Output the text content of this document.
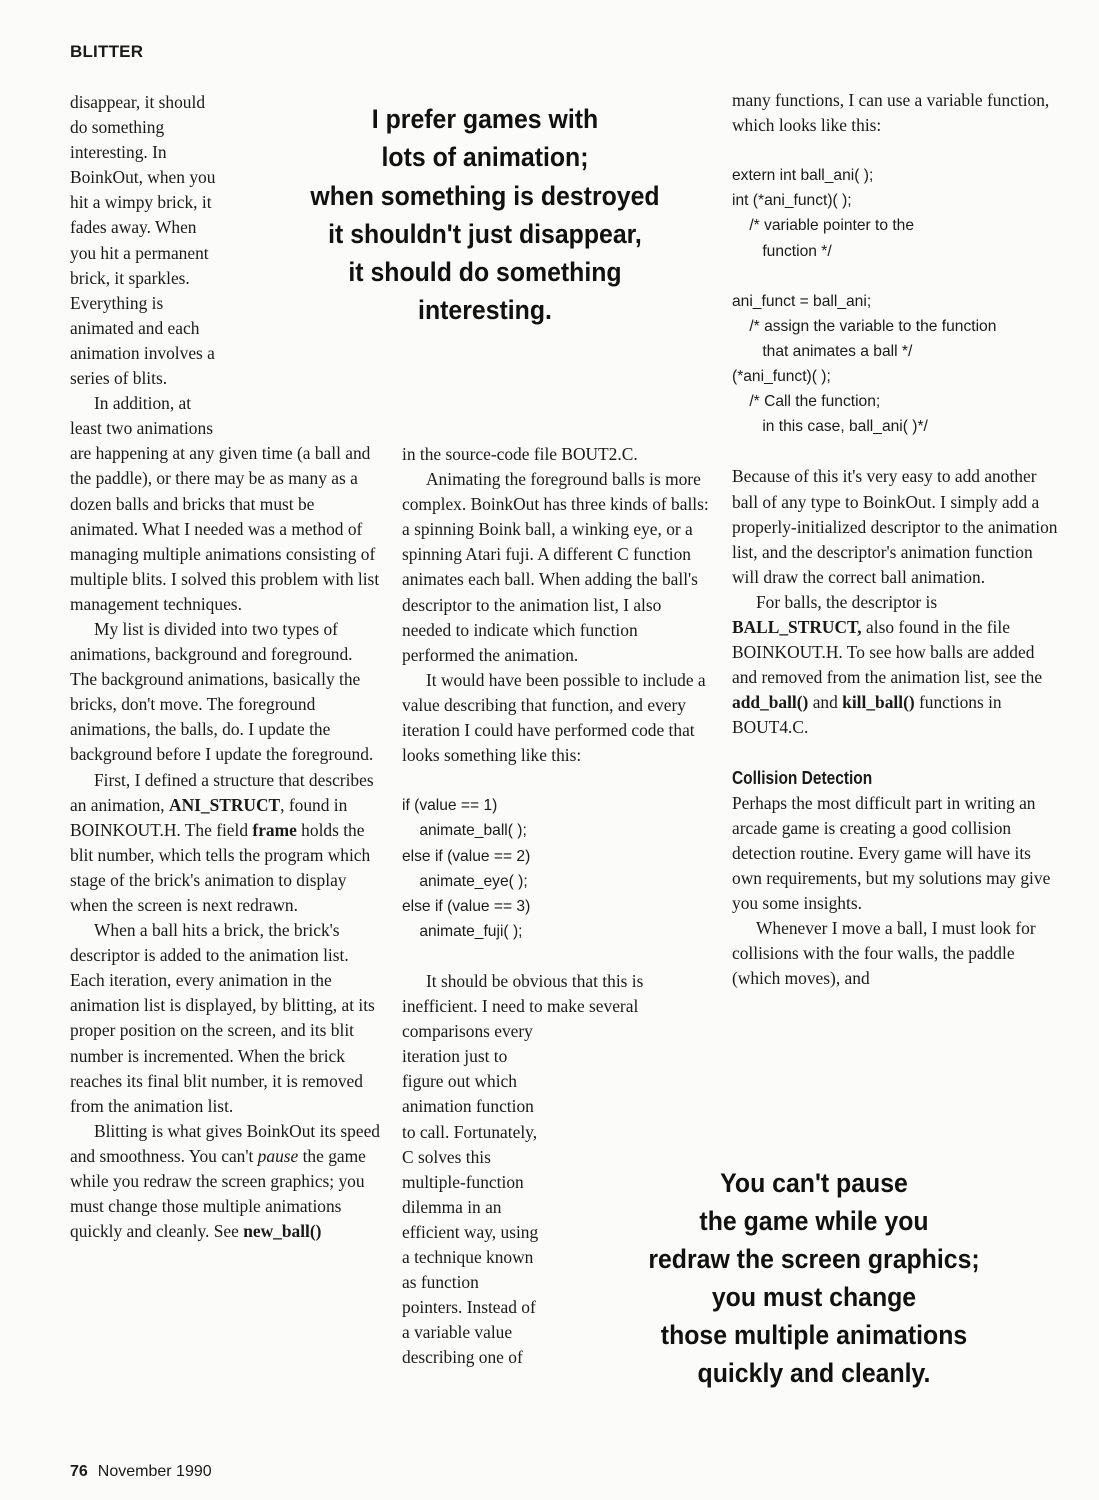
BLITTER

disappear, it should

do something

interesting. In

BoinkOut, when you

hit a wimpy brick, it

fades away. When

you hit a permanent

brick, it sparkles.

Everything is

animated and each

animation involves a

series of blits.

In addition, at

least two animations

are happening at any given time (a ball and the paddle), or there may be as many as a dozen balls and bricks that must be animated. What I needed was a method of managing multiple animations consisting of multiple blits. I solved this problem with list management techniques.

My list is divided into two types of animations, background and foreground. The background animations, basically the bricks, don't move. The foreground animations, the balls, do. I update the background before I update the foreground.

First, I defined a structure that describes an animation, ANI_STRUCT, found in BOINKOUT.H. The field frame holds the blit number, which tells the program which stage of the brick's animation to display when the screen is next redrawn.

When a ball hits a brick, the brick's descriptor is added to the animation list. Each iteration, every animation in the animation list is displayed, by blitting, at its proper position on the screen, and its blit number is incremented. When the brick reaches its final blit number, it is removed from the animation list.

Blitting is what gives BoinkOut its speed and smoothness. You can't pause the game while you redraw the screen graphics; you must change those multiple animations quickly and cleanly. See new_ball()

I prefer games with
lots of animation;
when something is destroyed
it shouldn't just disappear,
it should do something
interesting.

in the source-code file BOUT2.C.

Animating the foreground balls is more complex. BoinkOut has three kinds of balls: a spinning Boink ball, a winking eye, or a spinning Atari fuji. A different C function animates each ball. When adding the ball's descriptor to the animation list, I also needed to indicate which function performed the animation.

It would have been possible to include a value describing that function, and every iteration I could have performed code that looks something like this:

if (value == 1)
animate_ball( );
else if (value == 2)
animate_eye( );
else if (value == 3)
animate_fuji( );

It should be obvious that this is inefficient. I need to make several

comparisons every

iteration just to

figure out which

animation function

to call. Fortunately,

C solves this

multiple-function

dilemma in an

efficient way, using

a technique known

as function

pointers. Instead of

a variable value

describing one of

many functions, I can use a variable function, which looks like this:

extern int ball_ani( );
int (*ani_funct)( );
/* variable pointer to the
function */
ani_funct = ball_ani;
/* assign the variable to the function
that animates a ball */
(*ani_funct)( );
/* Call the function;
in this case, ball_ani( )*/

Because of this it's very easy to add another ball of any type to BoinkOut. I simply add a properly-initialized descriptor to the animation list, and the descriptor's animation function will draw the correct ball animation.

For balls, the descriptor is BALL_STRUCT, also found in the file BOINKOUT.H. To see how balls are added and removed from the animation list, see the add_ball() and kill_ball() functions in BOUT4.C.

Collision Detection

Perhaps the most difficult part in writing an arcade game is creating a good collision detection routine. Every game will have its own requirements, but my solutions may give you some insights.

Whenever I move a ball, I must look for collisions with the four walls, the paddle (which moves), and

You can't pause
the game while you
redraw the screen graphics;
you must change
those multiple animations
quickly and cleanly.
76 November 1990
